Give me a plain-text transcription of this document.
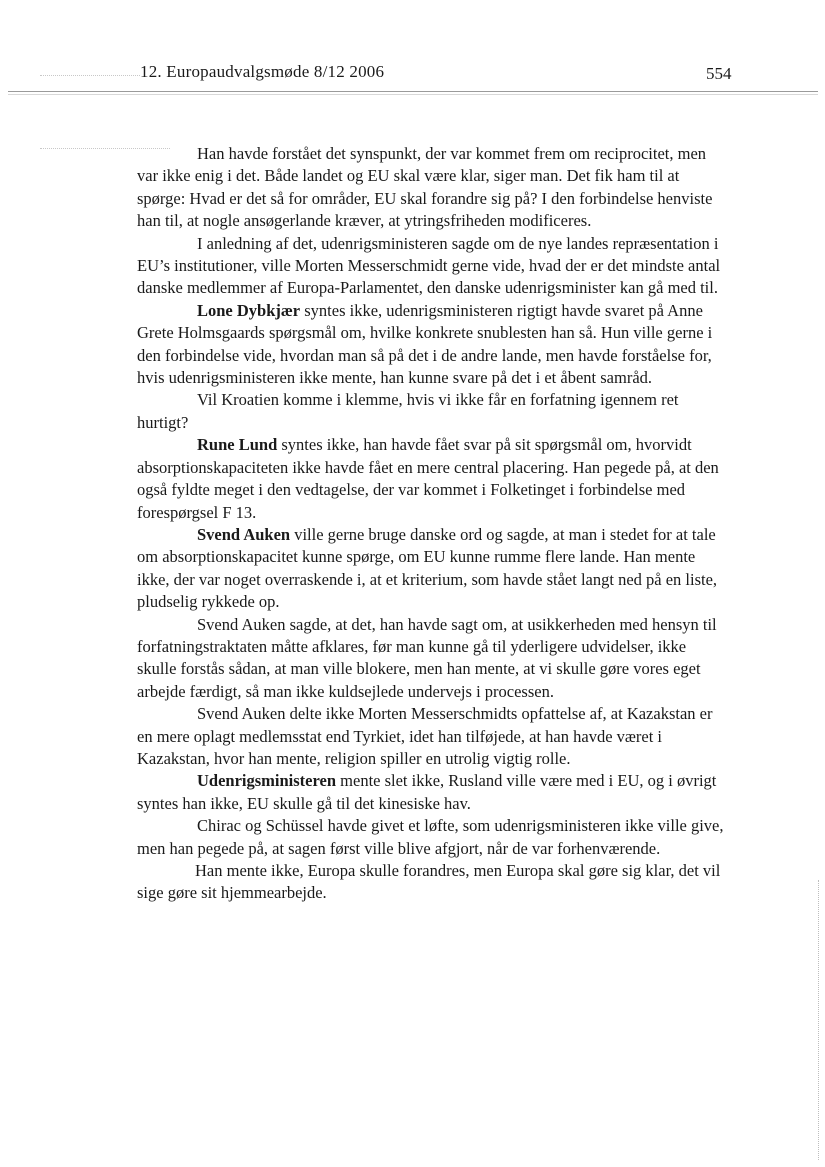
12. Europaudvalgsmøde 8/12 2006	554

Han havde forstået det synspunkt, der var kommet frem om reciprocitet, men var ikke enig i det. Både landet og EU skal være klar, siger man. Det fik ham til at spørge: Hvad er det så for områder, EU skal forandre sig på? I den forbindelse henviste han til, at nogle ansøgerlande kræver, at ytringsfriheden modificeres.

I anledning af det, udenrigsministeren sagde om de nye landes repræsentation i EU’s institutioner, ville Morten Messerschmidt gerne vide, hvad der er det mindste antal danske medlemmer af Europa-Parlamentet, den danske udenrigsminister kan gå med til.

Lone Dybkjær syntes ikke, udenrigsministeren rigtigt havde svaret på Anne Grete Holmsgaards spørgsmål om, hvilke konkrete snublesten han så. Hun ville gerne i den forbindelse vide, hvordan man så på det i de andre lande, men havde forståelse for, hvis udenrigsministeren ikke mente, han kunne svare på det i et åbent samråd.

Vil Kroatien komme i klemme, hvis vi ikke får en forfatning igennem ret hurtigt?

Rune Lund syntes ikke, han havde fået svar på sit spørgsmål om, hvorvidt absorptionskapaciteten ikke havde fået en mere central placering. Han pegede på, at den også fyldte meget i den vedtagelse, der var kommet i Folketinget i forbindelse med forespørgsel F 13.

Svend Auken ville gerne bruge danske ord og sagde, at man i stedet for at tale om absorptionskapacitet kunne spørge, om EU kunne rumme flere lande. Han mente ikke, der var noget overraskende i, at et kriterium, som havde stået langt ned på en liste, pludselig rykkede op.

Svend Auken sagde, at det, han havde sagt om, at usikkerheden med hensyn til forfatningstraktaten måtte afklares, før man kunne gå til yderligere udvidelser, ikke skulle forstås sådan, at man ville blokere, men han mente, at vi skulle gøre vores eget arbejde færdigt, så man ikke kuldsejlede undervejs i processen.

Svend Auken delte ikke Morten Messerschmidts opfattelse af, at Kazakstan er en mere oplagt medlemsstat end Tyrkiet, idet han tilføjede, at han havde været i Kazakstan, hvor han mente, religion spiller en utrolig vigtig rolle.

Udenrigsministeren mente slet ikke, Rusland ville være med i EU, og i øvrigt syntes han ikke, EU skulle gå til det kinesiske hav.

Chirac og Schüssel havde givet et løfte, som udenrigsministeren ikke ville give, men han pegede på, at sagen først ville blive afgjort, når de var forhenværende.

Han mente ikke, Europa skulle forandres, men Europa skal gøre sig klar, det vil sige gøre sit hjemmearbejde.
